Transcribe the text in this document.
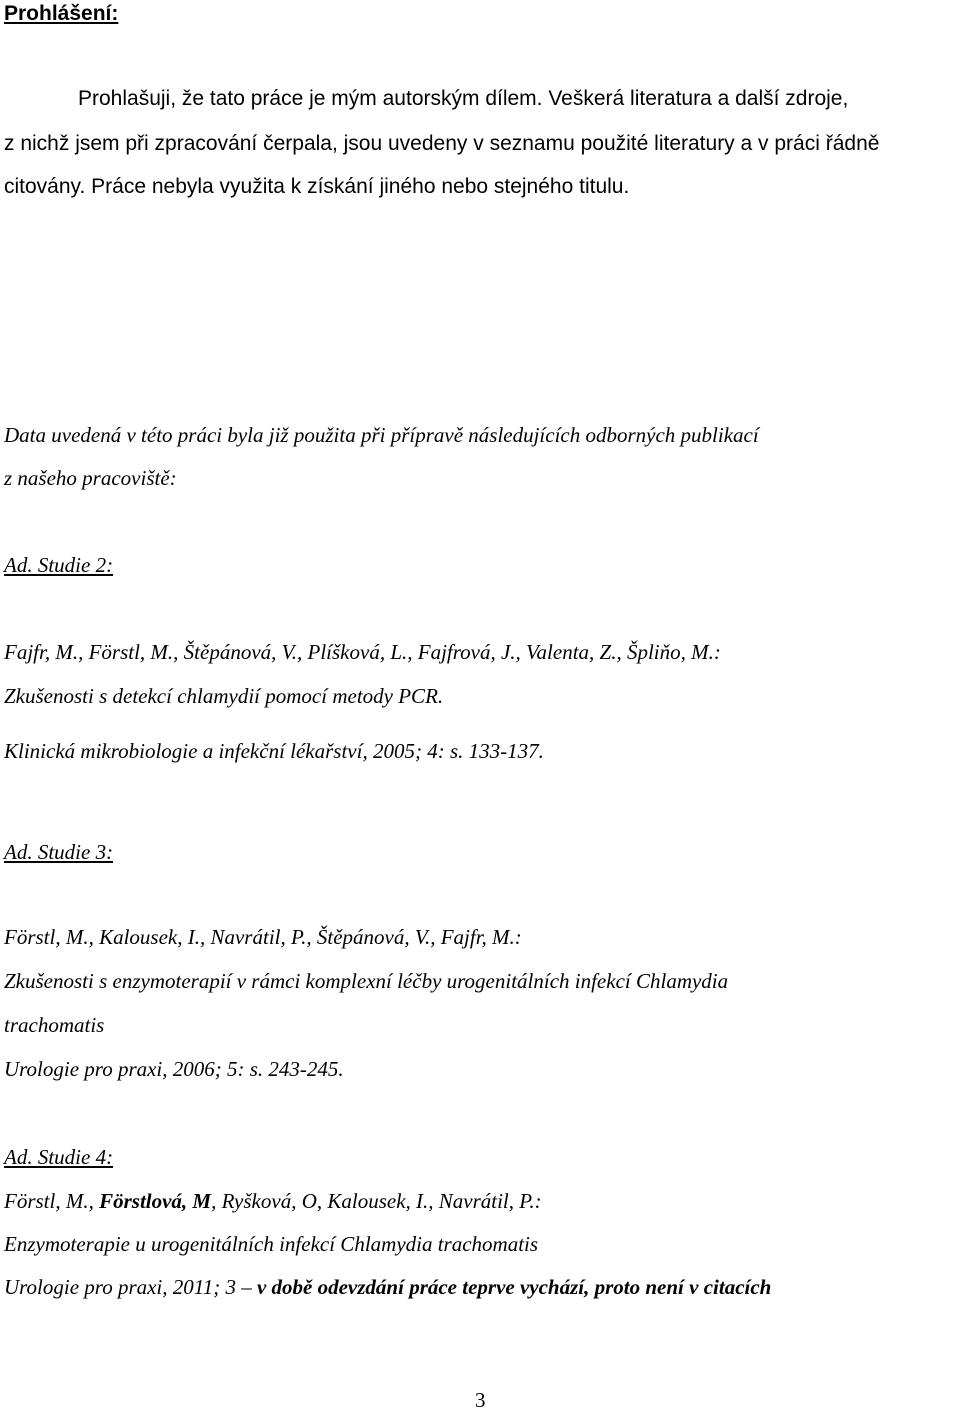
Prohlášení:
Prohlašuji, že tato práce je mým autorským dílem. Veškerá literatura a další zdroje,
z nichž jsem při zpracování čerpala, jsou uvedeny v seznamu použité literatury a v práci řádně
citovány. Práce nebyla využita k získání jiného nebo stejného titulu.
Data uvedená v této práci byla již použita při přípravě následujících odborných publikací
z našeho pracoviště:
Ad. Studie 2:
Fajfr, M., Förstl, M., Štěpánová, V., Plíšková, L., Fajfrová, J., Valenta, Z., Špliňo, M.:
Zkušenosti s detekcí chlamydií pomocí metody PCR.
Klinická mikrobiologie a infekční lékařství, 2005; 4: s. 133-137.
Ad. Studie 3:
Förstl, M., Kalousek, I., Navrátil, P., Štěpánová, V., Fajfr, M.:
Zkušenosti s enzymoterapií v rámci komplexní léčby urogenitálních infekcí Chlamydia
trachomatis
Urologie pro praxi, 2006; 5: s. 243-245.
Ad. Studie 4:
Förstl, M., Förstlová, M, Ryšková, O, Kalousek, I., Navrátil, P.:
Enzymoterapie u urogenitálních infekcí Chlamydia trachomatis
Urologie pro praxi, 2011; 3 – v době odevzdání práce teprve vychází, proto není v citacích
3
